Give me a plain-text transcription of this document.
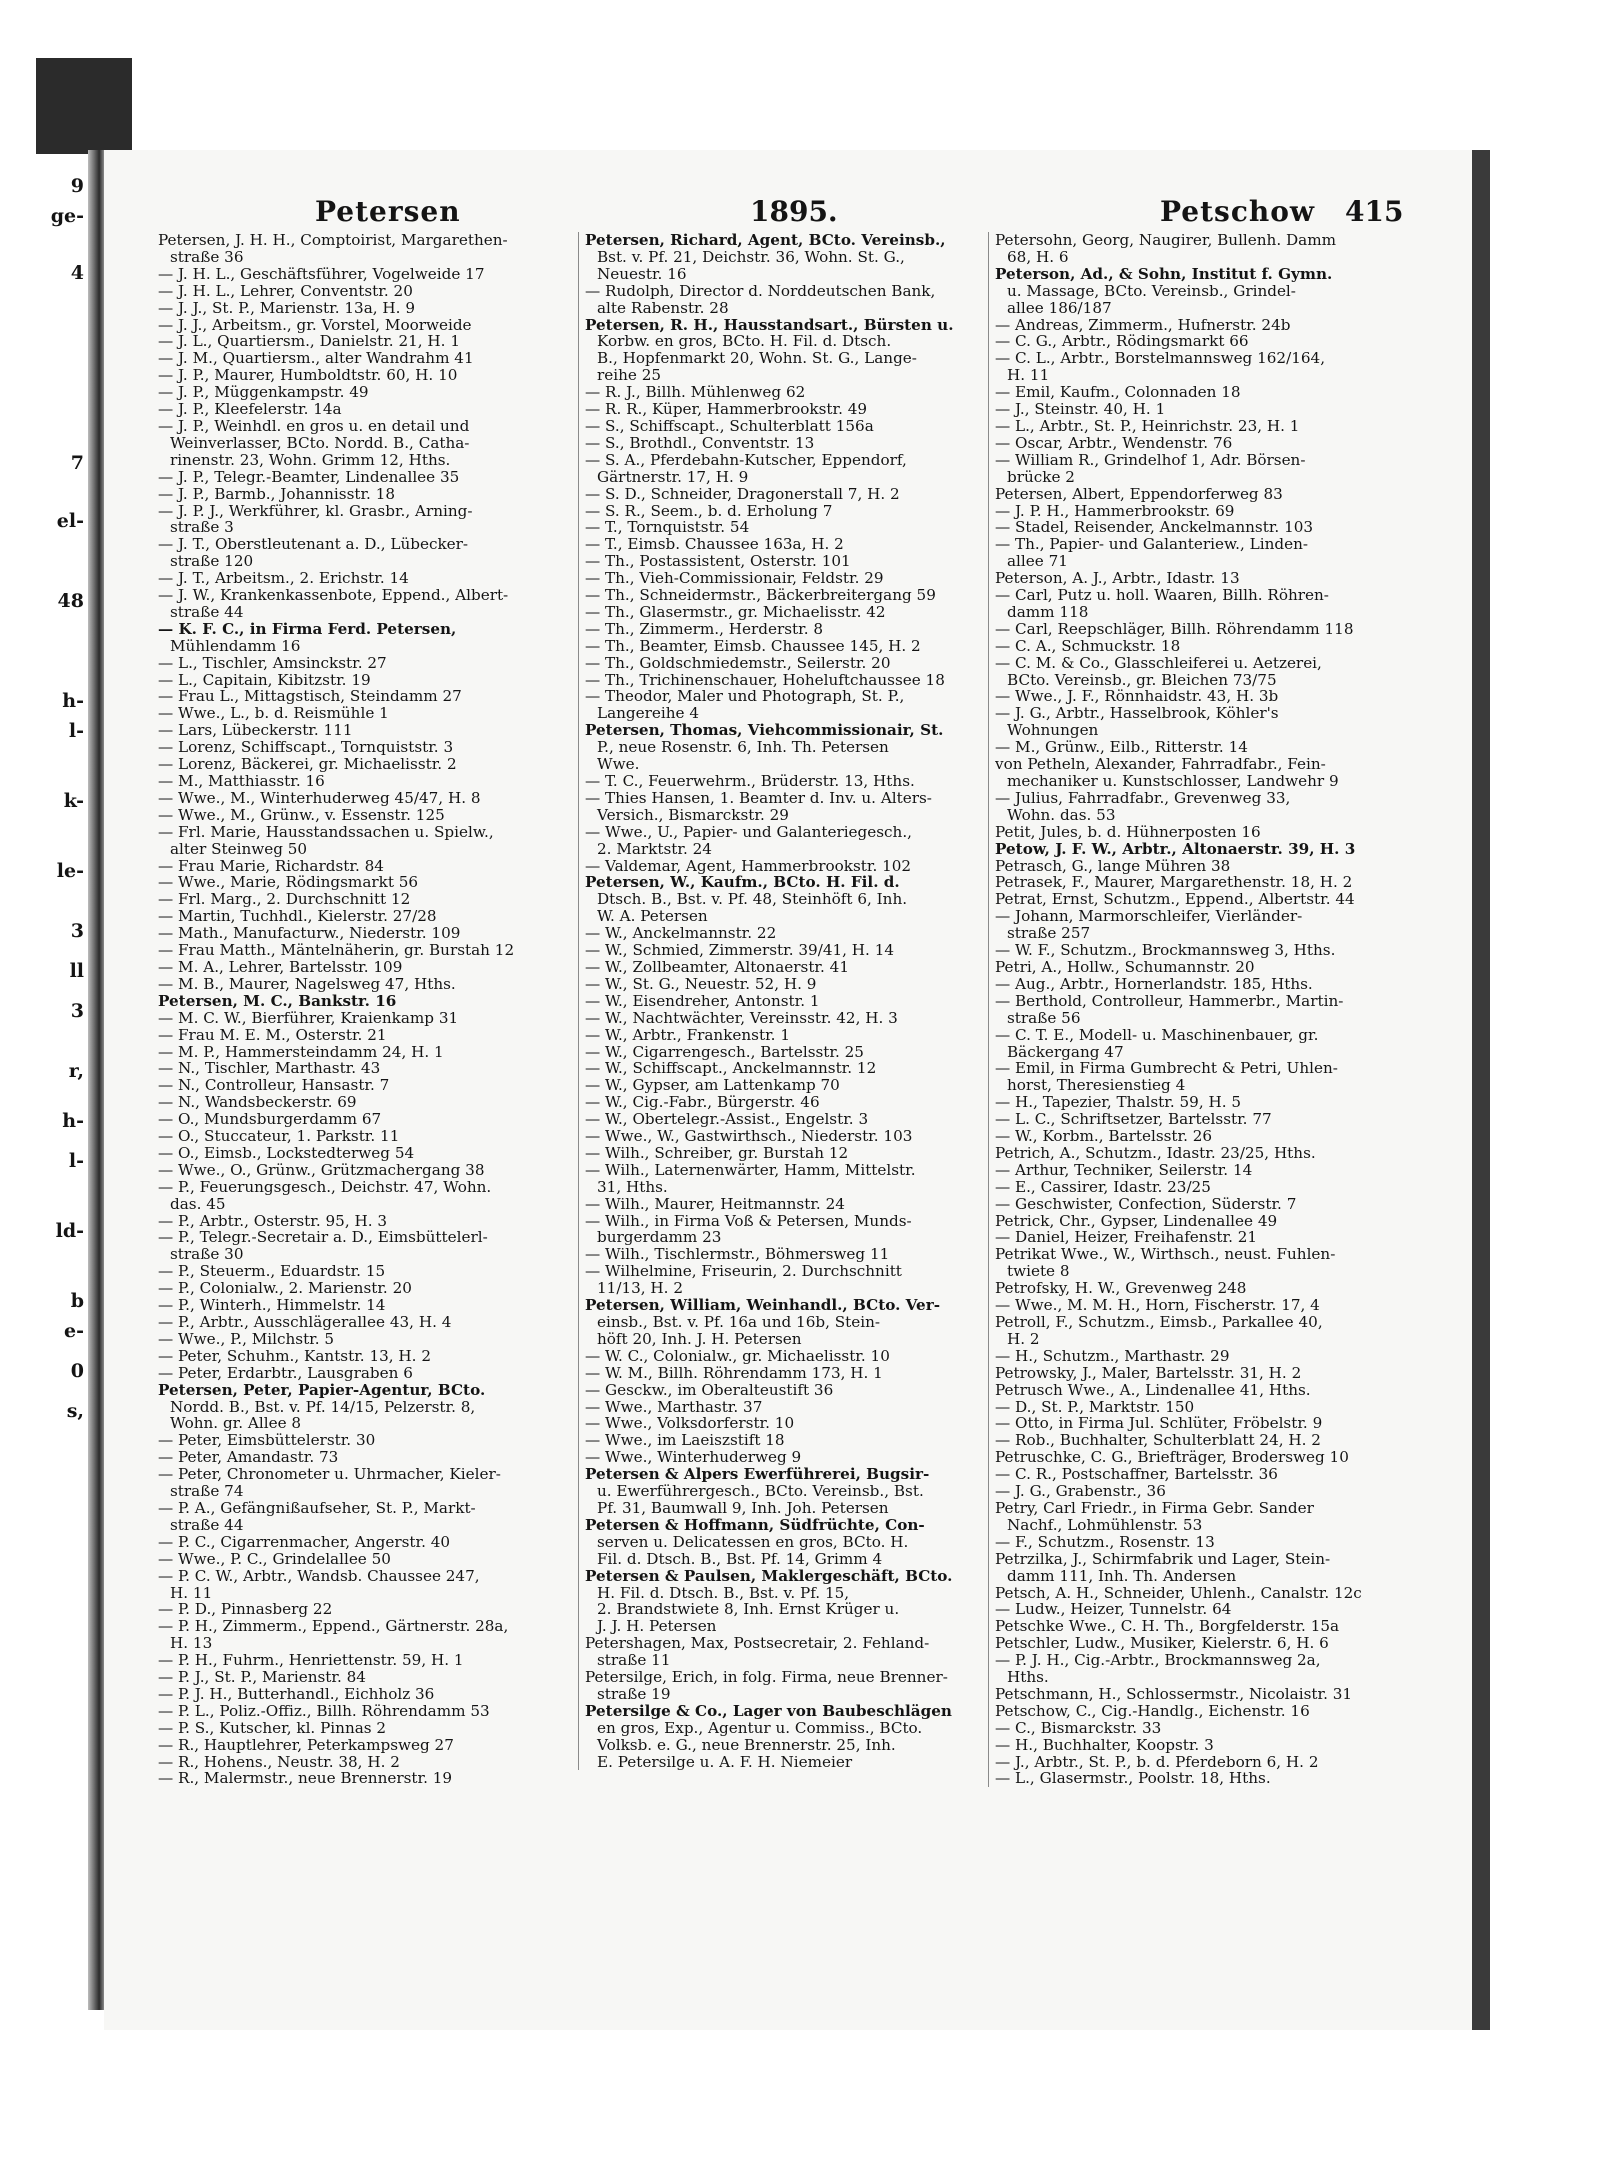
9
ge-
4
7
el-
48
h-
l-
k-
le-
3
ll
3
r,
h-
l-
ld-
b
e-
0
s,
Petersen	1895.	Petschow 415
Petersen, J. H. H., Comptoirist, Margarethen-
straße 36
— J. H. L., Geschäftsführer, Vogelweide 17
— J. H. L., Lehrer, Conventstr. 20
— J. J., St. P., Marienstr. 13a, H. 9
— J. J., Arbeitsm., gr. Vorstel, Moorweide
— J. L., Quartiersm., Danielstr. 21, H. 1
— J. M., Quartiersm., alter Wandrahm 41
— J. P., Maurer, Humboldtstr. 60, H. 10
— J. P., Müggenkampstr. 49
— J. P., Kleefelerstr. 14a
— J. P., Weinhdl. en gros u. en detail und
Weinverlasser, BCto. Nordd. B., Catha-
rinenstr. 23, Wohn. Grimm 12, Hths.
— J. P., Telegr.-Beamter, Lindenallee 35
— J. P., Barmb., Johannisstr. 18
— J. P. J., Werkführer, kl. Grasbr., Arning-
straße 3
— J. T., Oberstleutenant a. D., Lübecker-
straße 120
— J. T., Arbeitsm., 2. Erichstr. 14
— J. W., Krankenkassenbote, Eppend., Albert-
straße 44
— K. F. C., in Firma Ferd. Petersen,
Mühlendamm 16
— L., Tischler, Amsinckstr. 27
— L., Capitain, Kibitzstr. 19
— Frau L., Mittagstisch, Steindamm 27
— Wwe., L., b. d. Reismühle 1
— Lars, Lübeckerstr. 111
— Lorenz, Schiffscapt., Tornquiststr. 3
— Lorenz, Bäckerei, gr. Michaelisstr. 2
— M., Matthiasstr. 16
— Wwe., M., Winterhuderweg 45/47, H. 8
— Wwe., M., Grünw., v. Essenstr. 125
— Frl. Marie, Hausstandssachen u. Spielw.,
alter Steinweg 50
— Frau Marie, Richardstr. 84
— Wwe., Marie, Rödingsmarkt 56
— Frl. Marg., 2. Durchschnitt 12
— Martin, Tuchhdl., Kielerstr. 27/28
— Math., Manufacturw., Niederstr. 109
— Frau Matth., Mäntelnäherin, gr. Burstah 12
— M. A., Lehrer, Bartelsstr. 109
— M. B., Maurer, Nagelsweg 47, Hths.
Petersen, M. C., Bankstr. 16
— M. C. W., Bierführer, Kraienkamp 31
— Frau M. E. M., Osterstr. 21
— M. P., Hammersteindamm 24, H. 1
— N., Tischler, Marthastr. 43
— N., Controlleur, Hansastr. 7
— N., Wandsbeckerstr. 69
— O., Mundsburgerdamm 67
— O., Stuccateur, 1. Parkstr. 11
— O., Eimsb., Lockstedterweg 54
— Wwe., O., Grünw., Grützmachergang 38
— P., Feuerungsgesch., Deichstr. 47, Wohn.
das. 45
— P., Arbtr., Osterstr. 95, H. 3
— P., Telegr.-Secretair a. D., Eimsbüttelerl-
straße 30
— P., Steuerm., Eduardstr. 15
— P., Colonialw., 2. Marienstr. 20
— P., Winterh., Himmelstr. 14
— P., Arbtr., Ausschlägerallee 43, H. 4
— Wwe., P., Milchstr. 5
— Peter, Schuhm., Kantstr. 13, H. 2
— Peter, Erdarbtr., Lausgraben 6
Petersen, Peter, Papier-Agentur, BCto.
Nordd. B., Bst. v. Pf. 14/15, Pelzerstr. 8,
Wohn. gr. Allee 8
— Peter, Eimsbüttelerstr. 30
— Peter, Amandastr. 73
— Peter, Chronometer u. Uhrmacher, Kieler-
straße 74
— P. A., Gefängnißaufseher, St. P., Markt-
straße 44
— P. C., Cigarrenmacher, Angerstr. 40
— Wwe., P. C., Grindelallee 50
— P. C. W., Arbtr., Wandsb. Chaussee 247,
H. 11
— P. D., Pinnasberg 22
— P. H., Zimmerm., Eppend., Gärtnerstr. 28a,
H. 13
— P. H., Fuhrm., Henriettenstr. 59, H. 1
— P. J., St. P., Marienstr. 84
— P. J. H., Butterhandl., Eichholz 36
— P. L., Poliz.-Offiz., Billh. Röhrendamm 53
— P. S., Kutscher, kl. Pinnas 2
— R., Hauptlehrer, Peterkampsweg 27
— R., Hohens., Neustr. 38, H. 2
— R., Malermstr., neue Brennerstr. 19
Petersen, Richard, Agent, BCto. Vereinsb.,
Bst. v. Pf. 21, Deichstr. 36, Wohn. St. G.,
Neuestr. 16
— Rudolph, Director d. Norddeutschen Bank,
alte Rabenstr. 28
Petersen, R. H., Hausstandsart., Bürsten u.
Korbw. en gros, BCto. H. Fil. d. Dtsch.
B., Hopfenmarkt 20, Wohn. St. G., Lange-
reihe 25
— R. J., Billh. Mühlenweg 62
— R. R., Küper, Hammerbrookstr. 49
— S., Schiffscapt., Schulterblatt 156a
— S., Brothdl., Conventstr. 13
— S. A., Pferdebahn-Kutscher, Eppendorf,
Gärtnerstr. 17, H. 9
— S. D., Schneider, Dragonerstall 7, H. 2
— S. R., Seem., b. d. Erholung 7
— T., Tornquiststr. 54
— T., Eimsb. Chaussee 163a, H. 2
— Th., Postassistent, Osterstr. 101
— Th., Vieh-Commissionair, Feldstr. 29
— Th., Schneidermstr., Bäckerbreitergang 59
— Th., Glasermstr., gr. Michaelisstr. 42
— Th., Zimmerm., Herderstr. 8
— Th., Beamter, Eimsb. Chaussee 145, H. 2
— Th., Goldschmiedemstr., Seilerstr. 20
— Th., Trichinenschauer, Hoheluftchaussee 18
— Theodor, Maler und Photograph, St. P.,
Langereihe 4
Petersen, Thomas, Viehcommissionair, St.
P., neue Rosenstr. 6, Inh. Th. Petersen
Wwe.
— T. C., Feuerwehrm., Brüderstr. 13, Hths.
— Thies Hansen, 1. Beamter d. Inv. u. Alters-
Versich., Bismarckstr. 29
— Wwe., U., Papier- und Galanteriegesch.,
2. Marktstr. 24
— Valdemar, Agent, Hammerbrookstr. 102
Petersen, W., Kaufm., BCto. H. Fil. d.
Dtsch. B., Bst. v. Pf. 48, Steinhöft 6, Inh.
W. A. Petersen
— W., Anckelmannstr. 22
— W., Schmied, Zimmerstr. 39/41, H. 14
— W., Zollbeamter, Altonaerstr. 41
— W., St. G., Neuestr. 52, H. 9
— W., Eisendreher, Antonstr. 1
— W., Nachtwächter, Vereinsstr. 42, H. 3
— W., Arbtr., Frankenstr. 1
— W., Cigarrengesch., Bartelsstr. 25
— W., Schiffscapt., Anckelmannstr. 12
— W., Gypser, am Lattenkamp 70
— W., Cig.-Fabr., Bürgerstr. 46
— W., Obertelegr.-Assist., Engelstr. 3
— Wwe., W., Gastwirthsch., Niederstr. 103
— Wilh., Schreiber, gr. Burstah 12
— Wilh., Laternenwärter, Hamm, Mittelstr.
31, Hths.
— Wilh., Maurer, Heitmannstr. 24
— Wilh., in Firma Voß & Petersen, Munds-
burgerdamm 23
— Wilh., Tischlermstr., Böhmersweg 11
— Wilhelmine, Friseurin, 2. Durchschnitt
11/13, H. 2
Petersen, William, Weinhandl., BCto. Ver-
einsb., Bst. v. Pf. 16a und 16b, Stein-
höft 20, Inh. J. H. Petersen
— W. C., Colonialw., gr. Michaelisstr. 10
— W. M., Billh. Röhrendamm 173, H. 1
— Gesckw., im Oberalteustift 36
— Wwe., Marthastr. 37
— Wwe., Volksdorferstr. 10
— Wwe., im Laeiszstift 18
— Wwe., Winterhuderweg 9
Petersen & Alpers Ewerführerei, Bugsir-
u. Ewerführergesch., BCto. Vereinsb., Bst.
Pf. 31, Baumwall 9, Inh. Joh. Petersen
Petersen & Hoffmann, Südfrüchte, Con-
serven u. Delicatessen en gros, BCto. H.
Fil. d. Dtsch. B., Bst. Pf. 14, Grimm 4
Petersen & Paulsen, Maklergeschäft, BCto.
H. Fil. d. Dtsch. B., Bst. v. Pf. 15,
2. Brandstwiete 8, Inh. Ernst Krüger u.
J. J. H. Petersen
Petershagen, Max, Postsecretair, 2. Fehland-
straße 11
Petersilge, Erich, in folg. Firma, neue Brenner-
straße 19
Petersilge & Co., Lager von Baubeschlägen
en gros, Exp., Agentur u. Commiss., BCto.
Volksb. e. G., neue Brennerstr. 25, Inh.
E. Petersilge u. A. F. H. Niemeier
Petersohn, Georg, Naugirer, Bullenh. Damm
68, H. 6
Peterson, Ad., & Sohn, Institut f. Gymn.
u. Massage, BCto. Vereinsb., Grindel-
allee 186/187
— Andreas, Zimmerm., Hufnerstr. 24b
— C. G., Arbtr., Rödingsmarkt 66
— C. L., Arbtr., Borstelmannsweg 162/164,
H. 11
— Emil, Kaufm., Colonnaden 18
— J., Steinstr. 40, H. 1
— L., Arbtr., St. P., Heinrichstr. 23, H. 1
— Oscar, Arbtr., Wendenstr. 76
— William R., Grindelhof 1, Adr. Börsen-
brücke 2
Petersen, Albert, Eppendorferweg 83
— J. P. H., Hammerbrookstr. 69
— Stadel, Reisender, Anckelmannstr. 103
— Th., Papier- und Galanteriew., Linden-
allee 71
Peterson, A. J., Arbtr., Idastr. 13
— Carl, Putz u. holl. Waaren, Billh. Röhren-
damm 118
— Carl, Reepschläger, Billh. Röhrendamm 118
— C. A., Schmuckstr. 18
— C. M. & Co., Glasschleiferei u. Aetzerei,
BCto. Vereinsb., gr. Bleichen 73/75
— Wwe., J. F., Rönnhaidstr. 43, H. 3b
— J. G., Arbtr., Hasselbrook, Köhler's
Wohnungen
— M., Grünw., Eilb., Ritterstr. 14
von Petheln, Alexander, Fahrradfabr., Fein-
mechaniker u. Kunstschlosser, Landwehr 9
— Julius, Fahrradfabr., Grevenweg 33,
Wohn. das. 53
Petit, Jules, b. d. Hühnerposten 16
Petow, J. F. W., Arbtr., Altonaerstr. 39, H. 3
Petrasch, G., lange Mühren 38
Petrasek, F., Maurer, Margarethenstr. 18, H. 2
Petrat, Ernst, Schutzm., Eppend., Albertstr. 44
— Johann, Marmorschleifer, Vierländer-
straße 257
— W. F., Schutzm., Brockmannsweg 3, Hths.
Petri, A., Hollw., Schumannstr. 20
— Aug., Arbtr., Hornerlandstr. 185, Hths.
— Berthold, Controlleur, Hammerbr., Martin-
straße 56
— C. T. E., Modell- u. Maschinenbauer, gr.
Bäckergang 47
— Emil, in Firma Gumbrecht & Petri, Uhlen-
horst, Theresienstieg 4
— H., Tapezier, Thalstr. 59, H. 5
— L. C., Schriftsetzer, Bartelsstr. 77
— W., Korbm., Bartelsstr. 26
Petrich, A., Schutzm., Idastr. 23/25, Hths.
— Arthur, Techniker, Seilerstr. 14
— E., Cassirer, Idastr. 23/25
— Geschwister, Confection, Süderstr. 7
Petrick, Chr., Gypser, Lindenallee 49
— Daniel, Heizer, Freihafenstr. 21
Petrikat Wwe., W., Wirthsch., neust. Fuhlen-
twiete 8
Petrofsky, H. W., Grevenweg 248
— Wwe., M. M. H., Horn, Fischerstr. 17, 4
Petroll, F., Schutzm., Eimsb., Parkallee 40,
H. 2
— H., Schutzm., Marthastr. 29
Petrowsky, J., Maler, Bartelsstr. 31, H. 2
Petrusch Wwe., A., Lindenallee 41, Hths.
— D., St. P., Marktstr. 150
— Otto, in Firma Jul. Schlüter, Fröbelstr. 9
— Rob., Buchhalter, Schulterblatt 24, H. 2
Petruschke, C. G., Briefträger, Brodersweg 10
— C. R., Postschaffner, Bartelsstr. 36
— J. G., Grabenstr., 36
Petry, Carl Friedr., in Firma Gebr. Sander
Nachf., Lohmühlenstr. 53
— F., Schutzm., Rosenstr. 13
Petrzilka, J., Schirmfabrik und Lager, Stein-
damm 111, Inh. Th. Andersen
Petsch, A. H., Schneider, Uhlenh., Canalstr. 12c
— Ludw., Heizer, Tunnelstr. 64
Petschke Wwe., C. H. Th., Borgfelderstr. 15a
Petschler, Ludw., Musiker, Kielerstr. 6, H. 6
— P. J. H., Cig.-Arbtr., Brockmannsweg 2a,
Hths.
Petschmann, H., Schlossermstr., Nicolaistr. 31
Petschow, C., Cig.-Handlg., Eichenstr. 16
— C., Bismarckstr. 33
— H., Buchhalter, Koopstr. 3
— J., Arbtr., St. P., b. d. Pferdeborn 6, H. 2
— L., Glasermstr., Poolstr. 18, Hths.
